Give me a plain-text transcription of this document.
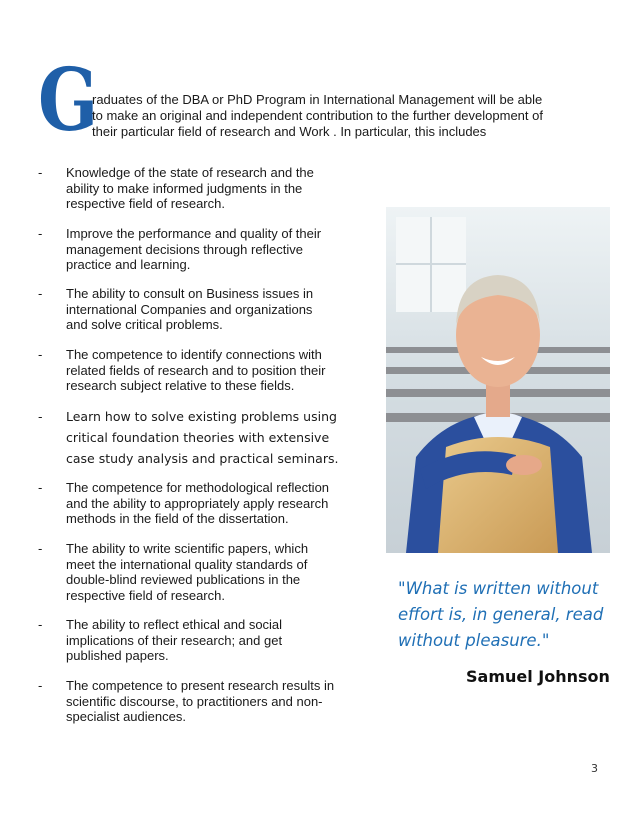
G

raduates of the DBA or PhD Program in International Management will be able

to make an original and independent contribution to the further development of

their particular field of research and Work . In particular, this includes

-	Knowledge of the state of research and the
ability to make informed judgments in the
respective field of research.
-	Improve the performance and quality of their
management decisions through reflective
practice and learning.
-	The ability to consult on Business issues in
international Companies and organizations
and solve critical problems.
-	The competence to identify connections with
related fields of research and to position their
research subject relative to these fields.
-	Learn how to solve existing problems using
critical foundation theories with extensive
case study analysis and practical seminars.
-	The competence for methodological reflection
and the ability to appropriately apply research
methods in the field of the dissertation.
-	The ability to write scientific papers, which
meet the international quality standards of
double-blind reviewed publications in the
respective field of research.
-	The ability to reflect ethical and social
implications of their research; and get
published papers.
-	The competence to present research results in
scientific discourse, to practitioners and non-
specialist audiences.
"What is written without
effort is, in general, read
without pleasure."
Samuel Johnson
3
